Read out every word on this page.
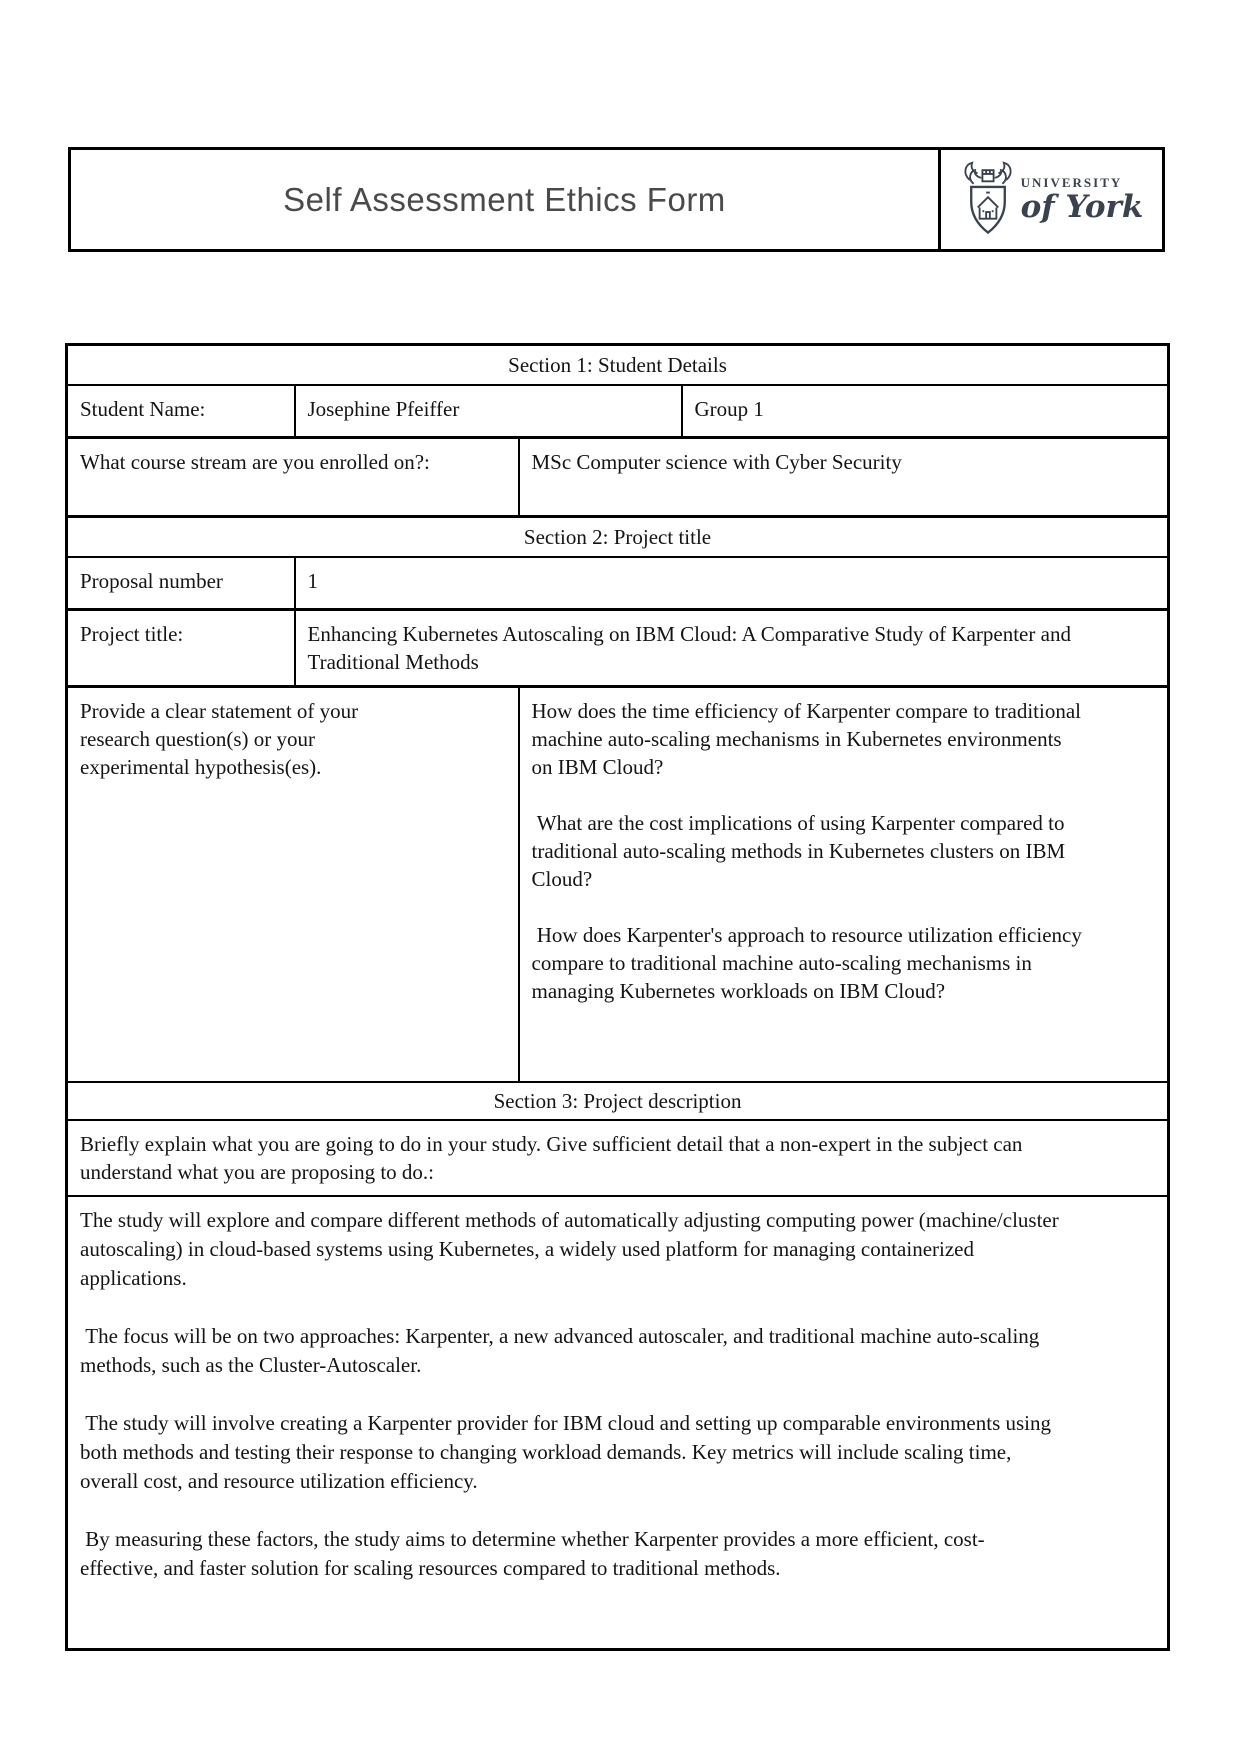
Self Assessment Ethics Form	UNIVERSITY
of York
Section 1: Student Details			
Student Name:	Josephine Pfeiffer		Group 1

What course stream are you enrolled on?:		MSc Computer science with Cyber Security	
Section 2: Project title			
Proposal number	1		
Project title:	Enhancing Kubernetes Autoscaling on IBM Cloud: A Comparative Study of Karpenter and Traditional Methods		

Provide a clear statement of your research question(s) or your experimental hypothesis(es).		How does the time efficiency of Karpenter compare to traditional machine auto-scaling mechanisms in Kubernetes environments on IBM Cloud?

What are the cost implications of using Karpenter compared to traditional auto-scaling methods in Kubernetes clusters on IBM Cloud?

How does Karpenter's approach to resource utilization efficiency compare to traditional machine auto-scaling mechanisms in managing Kubernetes workloads on IBM Cloud?	

Section 3: Project description			

Briefly explain what you are going to do in your study. Give sufficient detail that a non-expert in the subject can understand what you are proposing to do.:			

The study will explore and compare different methods of automatically adjusting computing power (machine/cluster autoscaling) in cloud-based systems using Kubernetes, a widely used platform for managing containerized applications.

The focus will be on two approaches: Karpenter, a new advanced autoscaler, and traditional machine auto-scaling methods, such as the Cluster-Autoscaler.

The study will involve creating a Karpenter provider for IBM cloud and setting up comparable environments using both methods and testing their response to changing workload demands. Key metrics will include scaling time, overall cost, and resource utilization efficiency.

By measuring these factors, the study aims to determine whether Karpenter provides a more efficient, cost-effective, and faster solution for scaling resources compared to traditional methods.			
